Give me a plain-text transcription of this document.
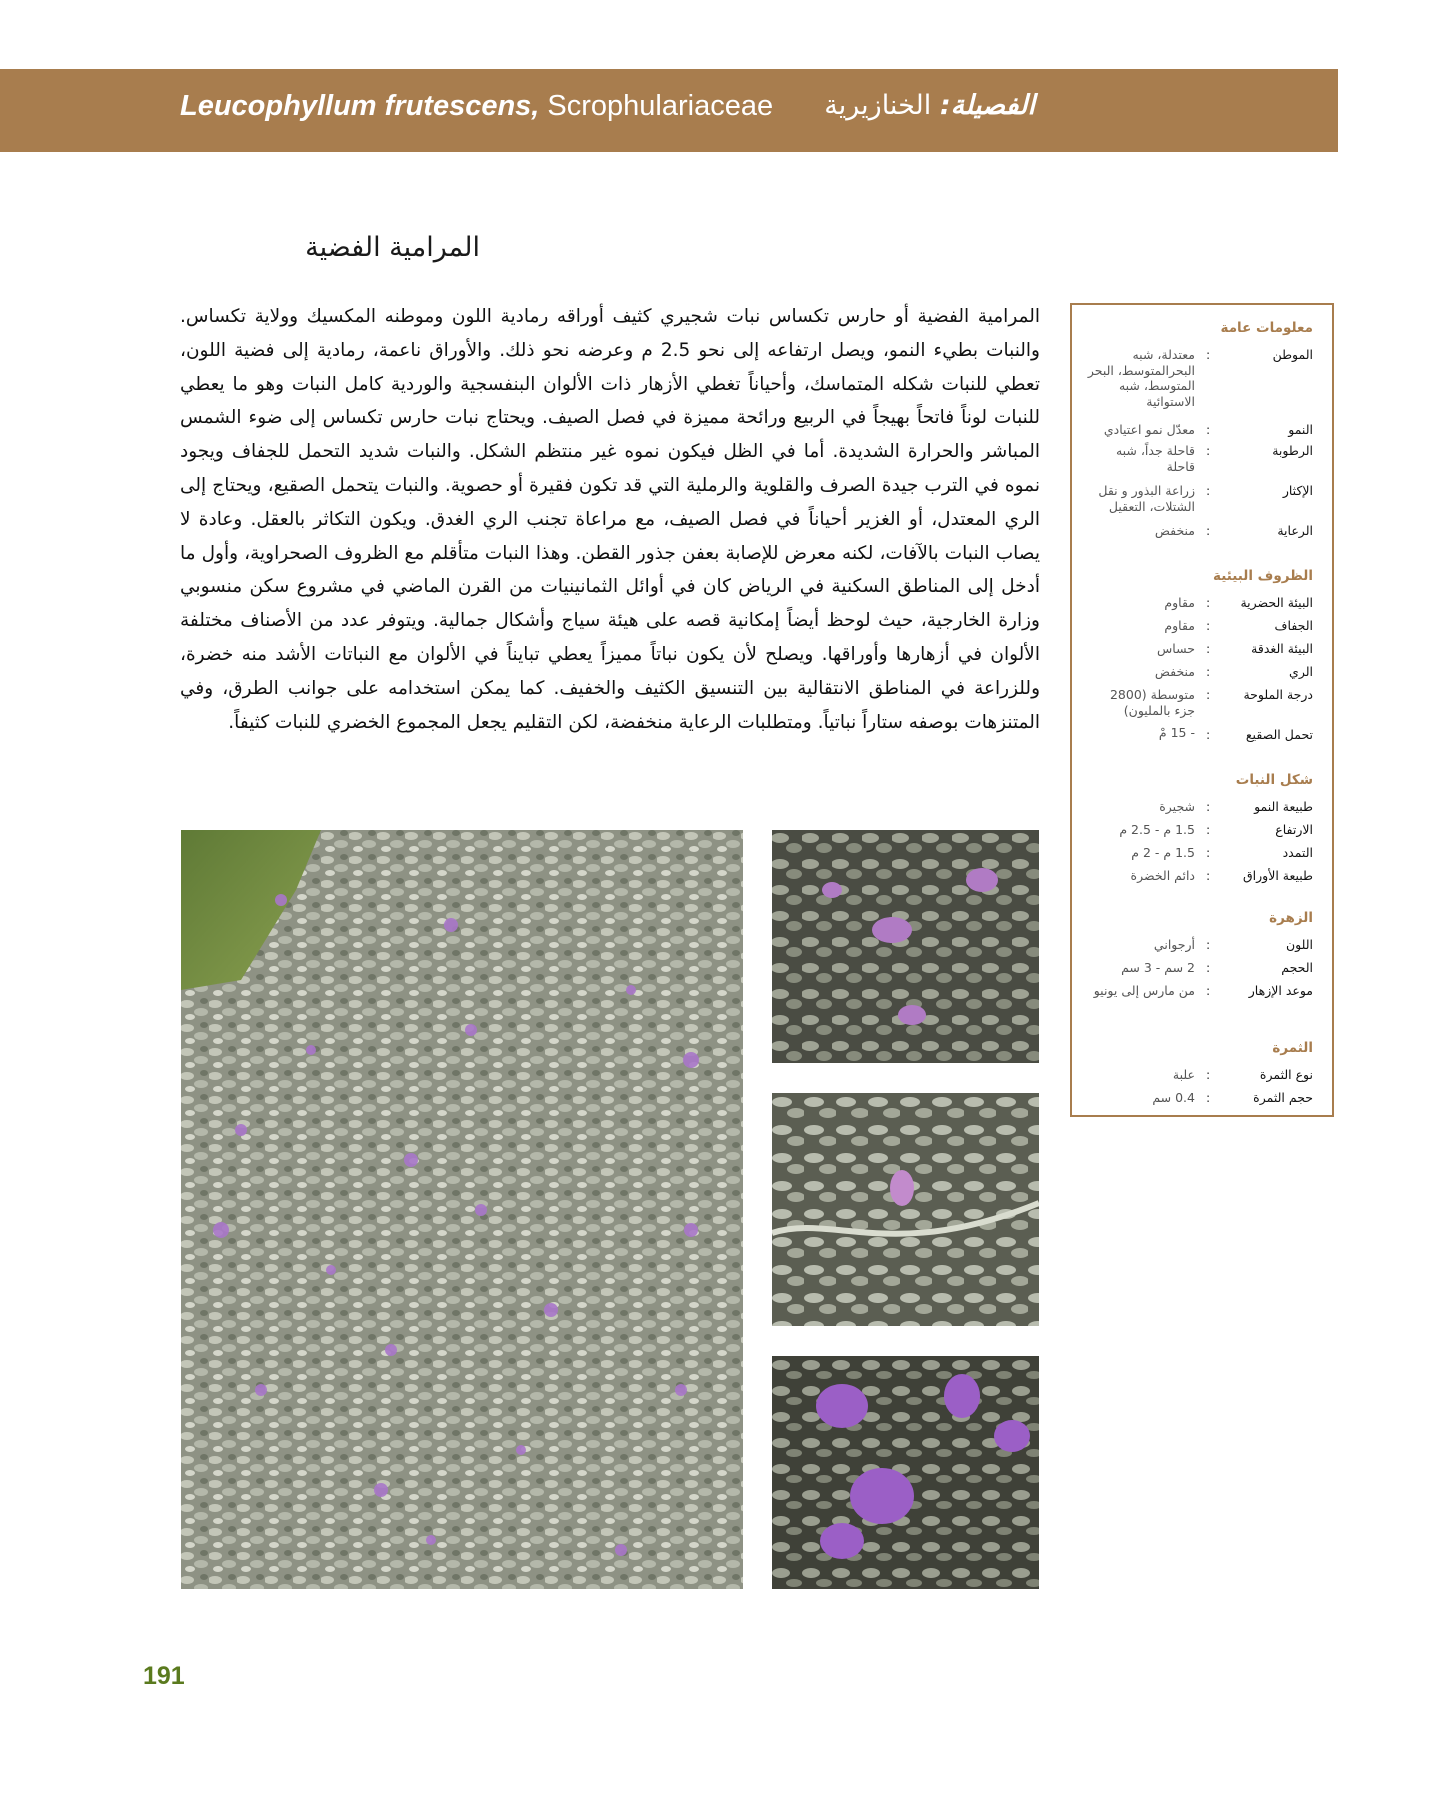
Leucophyllum frutescens, Scrophulariaceae	الفصيلة: الخنازيرية
المرامية الفضية
المرامية الفضية أو حارس تكساس نبات شجيري كثيف أوراقه رمادية اللون وموطنه المكسيك وولاية تكساس. والنبات بطيء النمو، ويصل ارتفاعه إلى نحو 2.5 م وعرضه نحو ذلك. والأوراق ناعمة، رمادية إلى فضية اللون، تعطي للنبات شكله المتماسك، وأحياناً تغطي الأزهار ذات الألوان البنفسجية والوردية كامل النبات وهو ما يعطي للنبات لوناً فاتحاً بهيجاً في الربيع ورائحة مميزة في فصل الصيف. ويحتاج نبات حارس تكساس إلى ضوء الشمس المباشر والحرارة الشديدة. أما في الظل فيكون نموه غير منتظم الشكل. والنبات شديد التحمل للجفاف ويجود نموه في الترب جيدة الصرف والقلوية والرملية التي قد تكون فقيرة أو حصوية. والنبات يتحمل الصقيع، ويحتاج إلى الري المعتدل، أو الغزير أحياناً في فصل الصيف، مع مراعاة تجنب الري الغدق. ويكون التكاثر بالعقل. وعادة لا يصاب النبات بالآفات، لكنه معرض للإصابة بعفن جذور القطن. وهذا النبات متأقلم مع الظروف الصحراوية، وأول ما أدخل إلى المناطق السكنية في الرياض كان في أوائل الثمانينيات من القرن الماضي في مشروع سكن منسوبي وزارة الخارجية، حيث لوحظ أيضاً إمكانية قصه على هيئة سياج وأشكال جمالية. ويتوفر عدد من الأصناف مختلفة الألوان في أزهارها وأوراقها. ويصلح لأن يكون نباتاً مميزاً يعطي تبايناً في الألوان مع النباتات الأشد منه خضرة، وللزراعة في المناطق الانتقالية بين التنسيق الكثيف والخفيف. كما يمكن استخدامه على جوانب الطرق، وفي المتنزهات بوصفه ستاراً نباتياً. ومتطلبات الرعاية منخفضة، لكن التقليم يجعل المجموع الخضري للنبات كثيفاً.
معلومات عامة
الموطن
:
معتدلة، شبه البحرالمتوسط، البحر المتوسط، شبه الاستوائية
النمو
:
معدّل نمو اعتيادي
الرطوبة
:
قاحلة جداً، شبه قاحلة
الإكثار
:
زراعة البذور و نقل الشتلات، التعقيل
الرعاية
:
منخفض
الظروف البيئية
البيئة الحضرية
:
مقاوم
الجفاف
:
مقاوم
البيئة الغدقة
:
حساس
الري
:
منخفض
درجة الملوحة
:
متوسطة (2800 جزء بالمليون)
تحمل الصقيع
:
- 15 مْ
شكل النبات
طبيعة النمو
:
شجيرة
الارتفاع
:
1.5 م - 2.5 م
التمدد
:
1.5 م - 2 م
طبيعة الأوراق
:
دائم الخضرة
الزهرة
اللون
:
أرجواني
الحجم
:
2 سم - 3 سم
موعد الإزهار
:
من مارس إلى يونيو
الثمرة
نوع الثمرة
:
علبة
حجم الثمرة
:
0.4 سم
191
